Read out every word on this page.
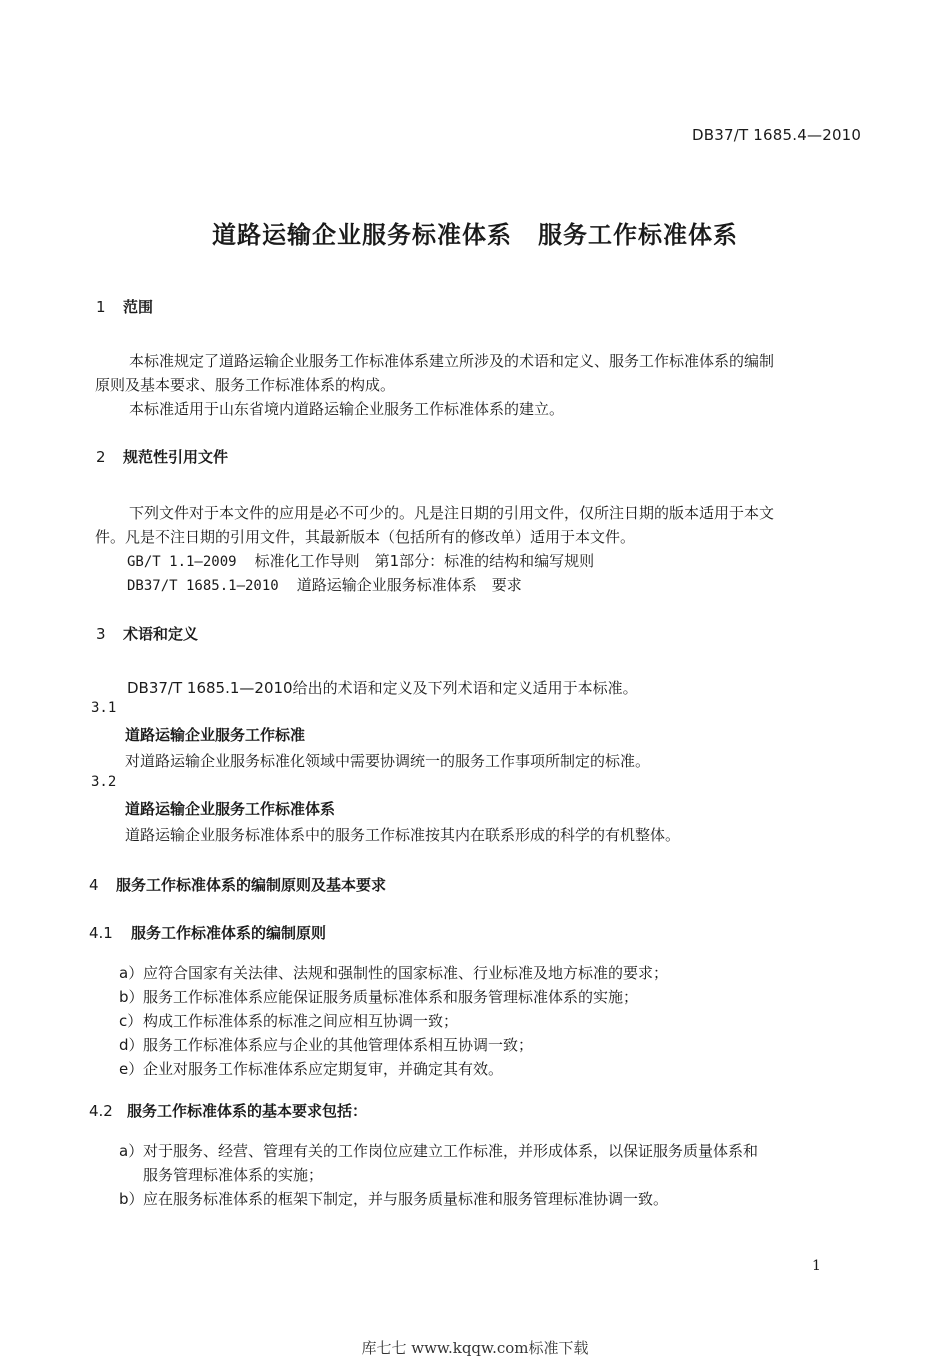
DB37/T 1685.4—2010
道路运输企业服务标准体系 服务工作标准体系
1 范围
本标准规定了道路运输企业服务工作标准体系建立所涉及的术语和定义、服务工作标准体系的编制
原则及基本要求、服务工作标准体系的构成。
本标准适用于山东省境内道路运输企业服务工作标准体系的建立。
2 规范性引用文件
下列文件对于本文件的应用是必不可少的。凡是注日期的引用文件，仅所注日期的版本适用于本文
件。凡是不注日期的引用文件，其最新版本（包括所有的修改单）适用于本文件。
GB/T 1.1—2009 标准化工作导则　第1部分：标准的结构和编写规则
DB37/T 1685.1—2010 道路运输企业服务标准体系　要求
3 术语和定义
DB37/T 1685.1—2010给出的术语和定义及下列术语和定义适用于本标准。
3.1
道路运输企业服务工作标准
对道路运输企业服务标准化领域中需要协调统一的服务工作事项所制定的标准。
3.2
道路运输企业服务工作标准体系
道路运输企业服务标准体系中的服务工作标准按其内在联系形成的科学的有机整体。
4 服务工作标准体系的编制原则及基本要求
4.1 服务工作标准体系的编制原则
a）应符合国家有关法律、法规和强制性的国家标准、行业标准及地方标准的要求；
b）服务工作标准体系应能保证服务质量标准体系和服务管理标准体系的实施；
c）构成工作标准体系的标准之间应相互协调一致；
d）服务工作标准体系应与企业的其他管理体系相互协调一致；
e）企业对服务工作标准体系应定期复审，并确定其有效。
4.2 服务工作标准体系的基本要求包括：
a）对于服务、经营、管理有关的工作岗位应建立工作标准，并形成体系，以保证服务质量体系和
服务管理标准体系的实施；
b）应在服务标准体系的框架下制定，并与服务质量标准和服务管理标准协调一致。
1
库七七 www.kqqw.com标准下载
